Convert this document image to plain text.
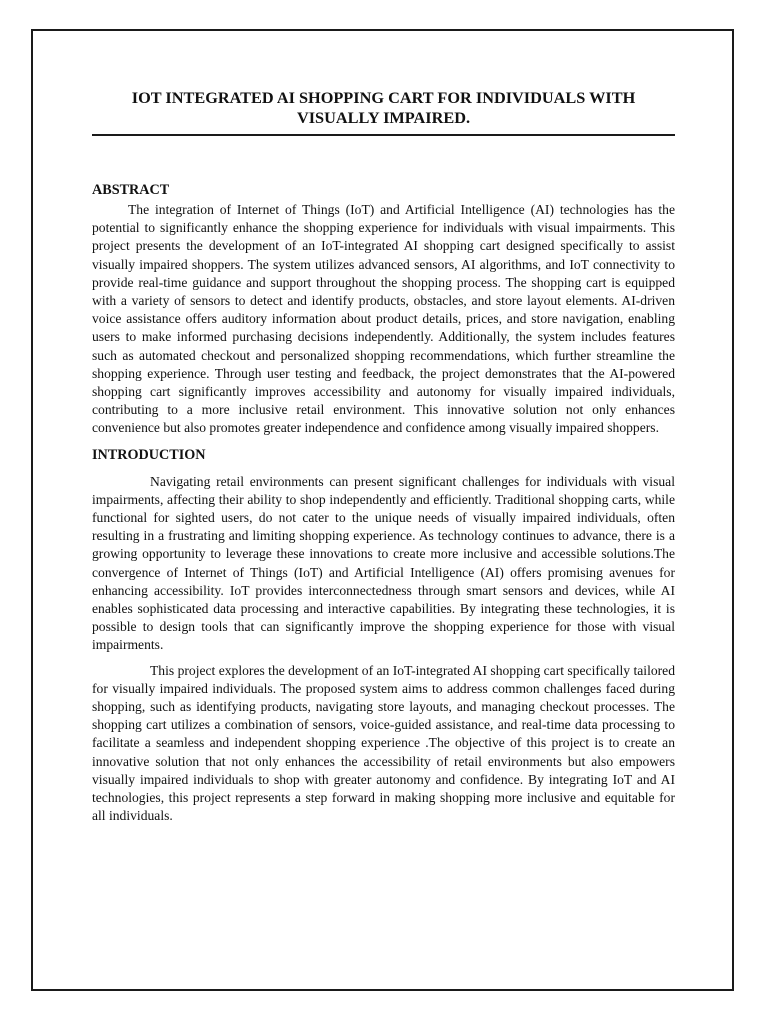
IOT INTEGRATED AI SHOPPING CART FOR INDIVIDUALS WITH
VISUALLY IMPAIRED.
ABSTRACT

The integration of Internet of Things (IoT) and Artificial Intelligence (AI) technologies has the potential to significantly enhance the shopping experience for individuals with visual impairments. This project presents the development of an IoT-integrated AI shopping cart designed specifically to assist visually impaired shoppers. The system utilizes advanced sensors, AI algorithms, and IoT connectivity to provide real-time guidance and support throughout the shopping process. The shopping cart is equipped with a variety of sensors to detect and identify products, obstacles, and store layout elements. AI-driven voice assistance offers auditory information about product details, prices, and store navigation, enabling users to make informed purchasing decisions independently. Additionally, the system includes features such as automated checkout and personalized shopping recommendations, which further streamline the shopping experience. Through user testing and feedback, the project demonstrates that the AI-powered shopping cart significantly improves accessibility and autonomy for visually impaired individuals, contributing to a more inclusive retail environment. This innovative solution not only enhances convenience but also promotes greater independence and confidence among visually impaired shoppers.

INTRODUCTION

Navigating retail environments can present significant challenges for individuals with visual impairments, affecting their ability to shop independently and efficiently. Traditional shopping carts, while functional for sighted users, do not cater to the unique needs of visually impaired individuals, often resulting in a frustrating and limiting shopping experience. As technology continues to advance, there is a growing opportunity to leverage these innovations to create more inclusive and accessible solutions.The convergence of Internet of Things (IoT) and Artificial Intelligence (AI) offers promising avenues for enhancing accessibility. IoT provides interconnectedness through smart sensors and devices, while AI enables sophisticated data processing and interactive capabilities. By integrating these technologies, it is possible to design tools that can significantly improve the shopping experience for those with visual impairments.

This project explores the development of an IoT-integrated AI shopping cart specifically tailored for visually impaired individuals. The proposed system aims to address common challenges faced during shopping, such as identifying products, navigating store layouts, and managing checkout processes. The shopping cart utilizes a combination of sensors, voice-guided assistance, and real-time data processing to facilitate a seamless and independent shopping experience .The objective of this project is to create an innovative solution that not only enhances the accessibility of retail environments but also empowers visually impaired individuals to shop with greater autonomy and confidence. By integrating IoT and AI technologies, this project represents a step forward in making shopping more inclusive and equitable for all individuals.
